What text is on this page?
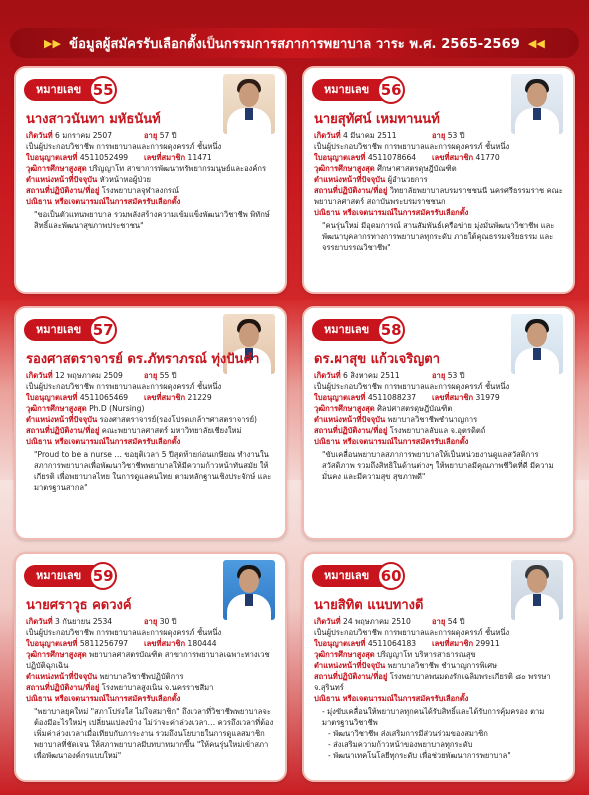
▶▶ ข้อมูลผู้สมัครรับเลือกตั้งเป็นกรรมการสภาการพยาบาล วาระ พ.ศ. 2565-2569 ◀◀
หมายเลข 55
นางสาวนันทา มหัธนันท์
เกิดวันที่ 6 มกราคม 2507	อายุ 57 ปี
เป็นผู้ประกอบวิชาชีพ การพยาบาลและการผดุงครรภ์ ชั้นหนึ่ง
ใบอนุญาตเลขที่ 4511052499	เลขที่สมาชิก 11471
วุฒิการศึกษาสูงสุด ปริญญาโท สาขาการพัฒนาทรัพยากรมนุษย์และองค์กร
ตำแหน่งหน้าที่ปัจจุบัน หัวหน้าหอผู้ป่วย
สถานที่ปฏิบัติงาน/ที่อยู่ โรงพยาบาลจุฬาลงกรณ์
ปณิธาน หรือเจตนารมณ์ในการสมัครรับเลือกตั้ง
"ขอเป็นตัวแทนพยาบาล รวมพลังสร้างความเข้มแข็งพัฒนาวิชาชีพ พิทักษ์สิทธิ์และพัฒนาสุขภาพประชาชน"
หมายเลข 56
นายสุทัศน์ เหมทานนท์
เกิดวันที่ 4 มีนาคม 2511	อายุ 53 ปี
เป็นผู้ประกอบวิชาชีพ การพยาบาลและการผดุงครรภ์ ชั้นหนึ่ง
ใบอนุญาตเลขที่ 4511078664	เลขที่สมาชิก 41770
วุฒิการศึกษาสูงสุด ศึกษาศาสตรดุษฎีบัณฑิต
ตำแหน่งหน้าที่ปัจจุบัน ผู้อำนวยการ
สถานที่ปฏิบัติงาน/ที่อยู่ วิทยาลัยพยาบาลบรมราชชนนี นครศรีธรรมราช คณะพยาบาลศาสตร์ สถาบันพระบรมราชชนก
ปณิธาน หรือเจตนารมณ์ในการสมัครรับเลือกตั้ง
"คนรุ่นใหม่ มีอุดมการณ์ สานสัมพันธ์เครือข่าย มุ่งมั่นพัฒนาวิชาชีพ และพัฒนาบุคลากรทางการพยาบาลทุกระดับ ภายใต้คุณธรรมจริยธรรม และจรรยาบรรณวิชาชีพ"
หมายเลข 57
รองศาสตราจารย์ ดร.ภัทราภรณ์ ทุ่งปันคำ
เกิดวันที่ 12 พฤษภาคม 2509	อายุ 55 ปี
เป็นผู้ประกอบวิชาชีพ การพยาบาลและการผดุงครรภ์ ชั้นหนึ่ง
ใบอนุญาตเลขที่ 4511065469	เลขที่สมาชิก 21229
วุฒิการศึกษาสูงสุด Ph.D (Nursing)
ตำแหน่งหน้าที่ปัจจุบัน รองศาสตราจารย์(รองโปรดเกล้าฯศาสตราจารย์)
สถานที่ปฏิบัติงาน/ที่อยู่ คณะพยาบาลศาสตร์ มหาวิทยาลัยเชียงใหม่
ปณิธาน หรือเจตนารมณ์ในการสมัครรับเลือกตั้ง
"Proud to be a nurse … ขอยุติเวลา 5 ปีสุดท้ายก่อนเกษียณ ทำงานในสภาการพยาบาลเพื่อพัฒนาวิชาชีพพยาบาลให้มีความก้าวหน้าทันสมัย ให้เกียรติ เพื่อพยาบาลไทย ในการดูแลคนไทย ตามหลักฐานเชิงประจักษ์ และมาตรฐานสากล"
หมายเลข 58
ดร.ผาสุข แก้วเจริญตา
เกิดวันที่ 6 สิงหาคม 2511	อายุ 53 ปี
เป็นผู้ประกอบวิชาชีพ การพยาบาลและการผดุงครรภ์ ชั้นหนึ่ง
ใบอนุญาตเลขที่ 4511088237	เลขที่สมาชิก 31979
วุฒิการศึกษาสูงสุด ศิลปศาสตรดุษฎีบัณฑิต
ตำแหน่งหน้าที่ปัจจุบัน พยาบาลวิชาชีพชำนาญการ
สถานที่ปฏิบัติงาน/ที่อยู่ โรงพยาบาลลับแล จ.อุตรดิตถ์
ปณิธาน หรือเจตนารมณ์ในการสมัครรับเลือกตั้ง
"ขับเคลื่อนพยาบาลสภาการพยาบาลให้เป็นหน่วยงานดูแลสวัสดิการ สวัสดิภาพ รวมถึงสิทธิในด้านต่างๆ ให้พยาบาลมีคุณภาพชีวิตที่ดี มีความมั่นคง และมีความสุข สุขภาพดี"
หมายเลข 59
นายศราวุธ คดวงค์
เกิดวันที่ 3 กันยายน 2534	อายุ 30 ปี
เป็นผู้ประกอบวิชาชีพ การพยาบาลและการผดุงครรภ์ ชั้นหนึ่ง
ใบอนุญาตเลขที่ 5811256797	เลขที่สมาชิก 180444
วุฒิการศึกษาสูงสุด พยาบาลศาสตรบัณฑิต สาขาการพยาบาลเฉพาะทางเวชปฏิบัติฉุกเฉิน
ตำแหน่งหน้าที่ปัจจุบัน พยาบาลวิชาชีพปฏิบัติการ
สถานที่ปฏิบัติงาน/ที่อยู่ โรงพยาบาลสูงเนิน จ.นครราชสีมา
ปณิธาน หรือเจตนารมณ์ในการสมัครรับเลือกตั้ง
"พยาบาลยุคใหม่ "สภาโปร่งใส ไม่ใจสมาชิก" ถึงเวลาที่วิชาชีพพยาบาลจะต้องมีอะไรใหม่ๆ เปลี่ยนแปลงบ้าง ไม่ว่าจะค่าล่วงเวลา… ควรถึงเวลาที่ต้องเพิ่มค่าล่วงเวลาเมื่อเทียบกับภาระงาน รวมถึงนโยบายในการดูแลสมาชิกพยาบาลที่ชัดเจน ให้สภาพยาบาลมีบทบาทมากขึ้น "ให้คนรุ่นใหม่เข้าสภา เพื่อพัฒนาองค์กรแบบใหม่"
หมายเลข 60
นายสิทิต แนบทางดี
เกิดวันที่ 24 พฤษภาคม 2510	อายุ 54 ปี
เป็นผู้ประกอบวิชาชีพ การพยาบาลและการผดุงครรภ์ ชั้นหนึ่ง
ใบอนุญาตเลขที่ 4511064183	เลขที่สมาชิก 29911
วุฒิการศึกษาสูงสุด ปริญญาโท บริหารสาธารณสุข
ตำแหน่งหน้าที่ปัจจุบัน พยาบาลวิชาชีพ ชำนาญการพิเศษ
สถานที่ปฏิบัติงาน/ที่อยู่ โรงพยาบาลพนมดงรักเฉลิมพระเกียรติ ๘๐ พรรษา จ.สุรินทร์
ปณิธาน หรือเจตนารมณ์ในการสมัครรับเลือกตั้ง
- มุ่งขับเคลื่อนให้พยาบาลทุกคนได้รับสิทธิ์และได้รับการคุ้มครอง ตามมาตรฐานวิชาชีพ
- พัฒนาวิชาชีพ ส่งเสริมการมีส่วนร่วมของสมาชิก
- ส่งเสริมความก้าวหน้าของพยาบาลทุกระดับ
- พัฒนาเทคโนโลยีทุกระดับ เพื่อช่วยพัฒนาการพยาบาล"
